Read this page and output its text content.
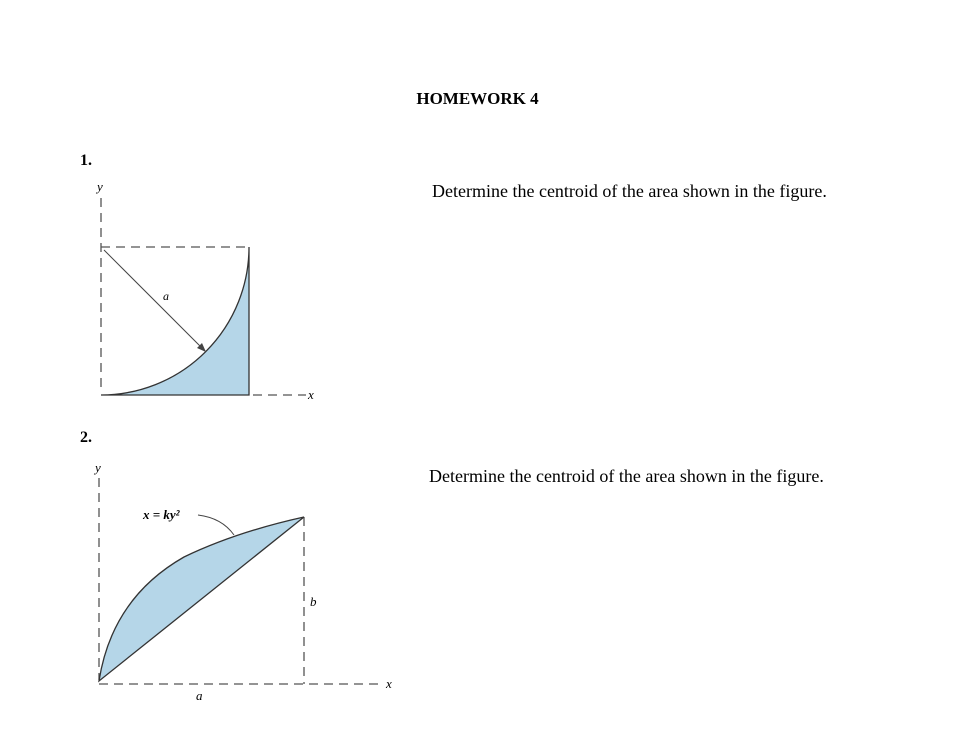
HOMEWORK 4
1.
Determine the centroid of the area shown in the figure.
y
a
x
2.
Determine the centroid of the area shown in the figure.
y
x = ky²
b
a
x
